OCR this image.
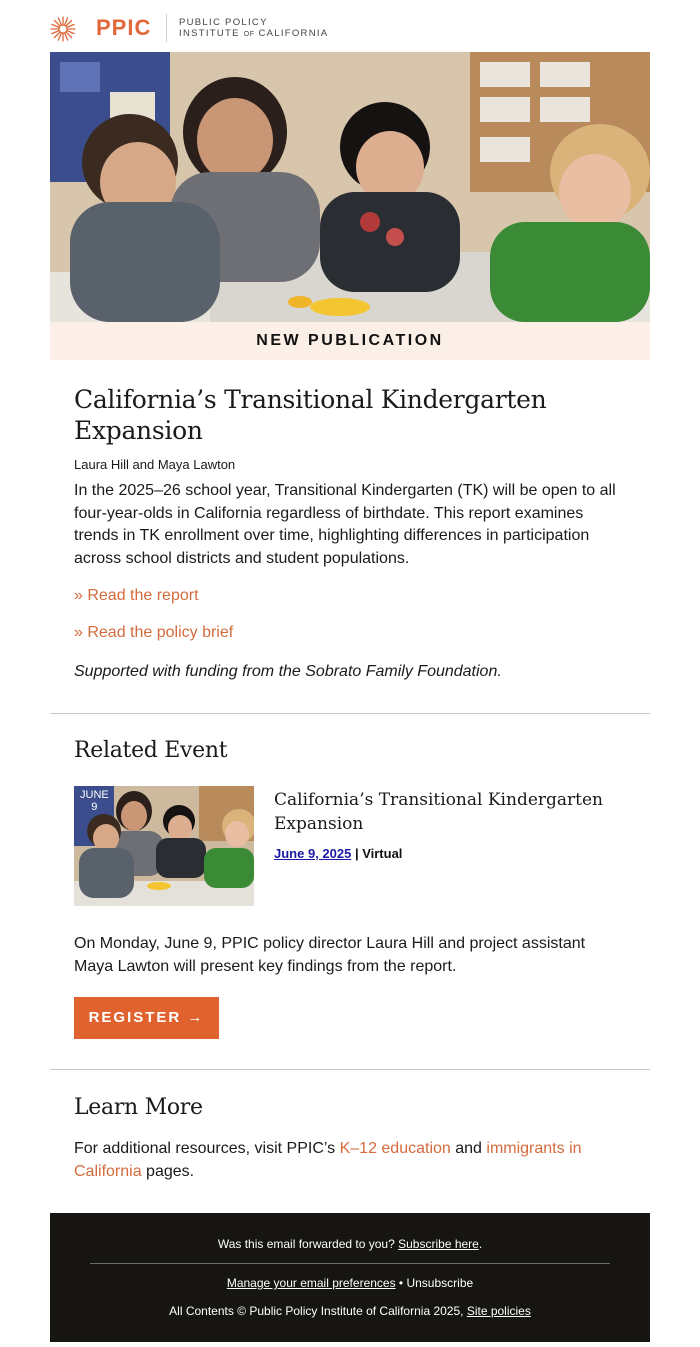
PPIC	PUBLIC POLICY
INSTITUTE OF CALIFORNIA
NEW PUBLICATION
California’s Transitional Kindergarten Expansion
Laura Hill and Maya Lawton

In the 2025–26 school year, Transitional Kindergarten (TK) will be open to all four-year-olds in California regardless of birthdate. This report examines trends in TK enrollment over time, highlighting differences in participation across school districts and student populations.

» Read the report
» Read the policy brief

Supported with funding from the Sobrato Family Foundation.

Related Event
JUNE
9	California’s Transitional Kindergarten Expansion
June 9, 2025 | Virtual

On Monday, June 9, PPIC policy director Laura Hill and project assistant Maya Lawton will present key findings from the report.

REGISTER →
Learn More

For additional resources, visit PPIC’s K–12 education and immigrants in California pages.

Was this email forwarded to you? Subscribe here.
Manage your email preferences • Unsubscribe
All Contents © Public Policy Institute of California 2025, Site policies
